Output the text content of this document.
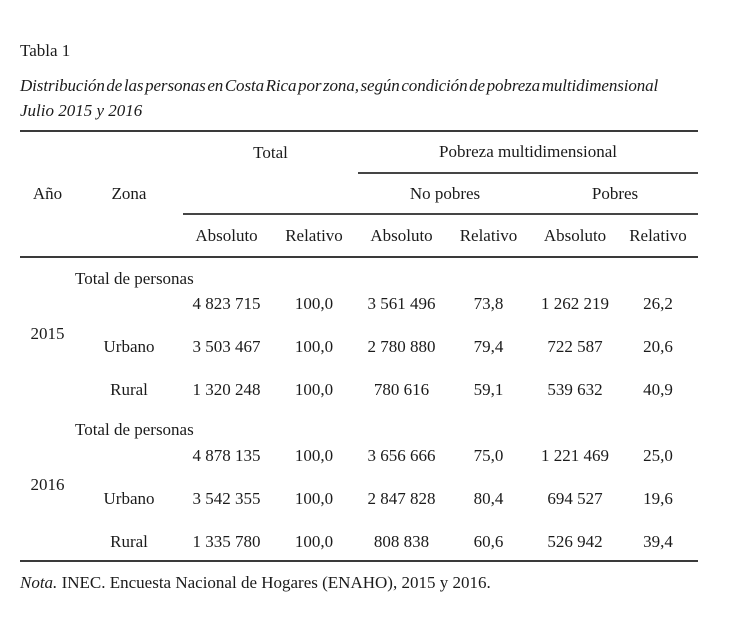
Tabla 1
Distribución de las personas en Costa Rica por zona, según condición de pobreza multidimensional
Julio 2015 y 2016
Año	Zona	Total		Pobreza multidimensional			
				No pobres		Pobres	
		Absoluto	Relativo	Absoluto	Relativo	Absoluto	Relativo
2015	Total de personas	4 823 715	100,0	3 561 496	73,8	1 262 219	26,2
	Urbano	3 503 467	100,0	2 780 880	79,4	722 587	20,6
	Rural	1 320 248	100,0	780 616	59,1	539 632	40,9
2016	Total de personas	4 878 135	100,0	3 656 666	75,0	1 221 469	25,0
	Urbano	3 542 355	100,0	2 847 828	80,4	694 527	19,6
	Rural	1 335 780	100,0	808 838	60,6	526 942	39,4
Nota. INEC. Encuesta Nacional de Hogares (ENAHO), 2015 y 2016.
